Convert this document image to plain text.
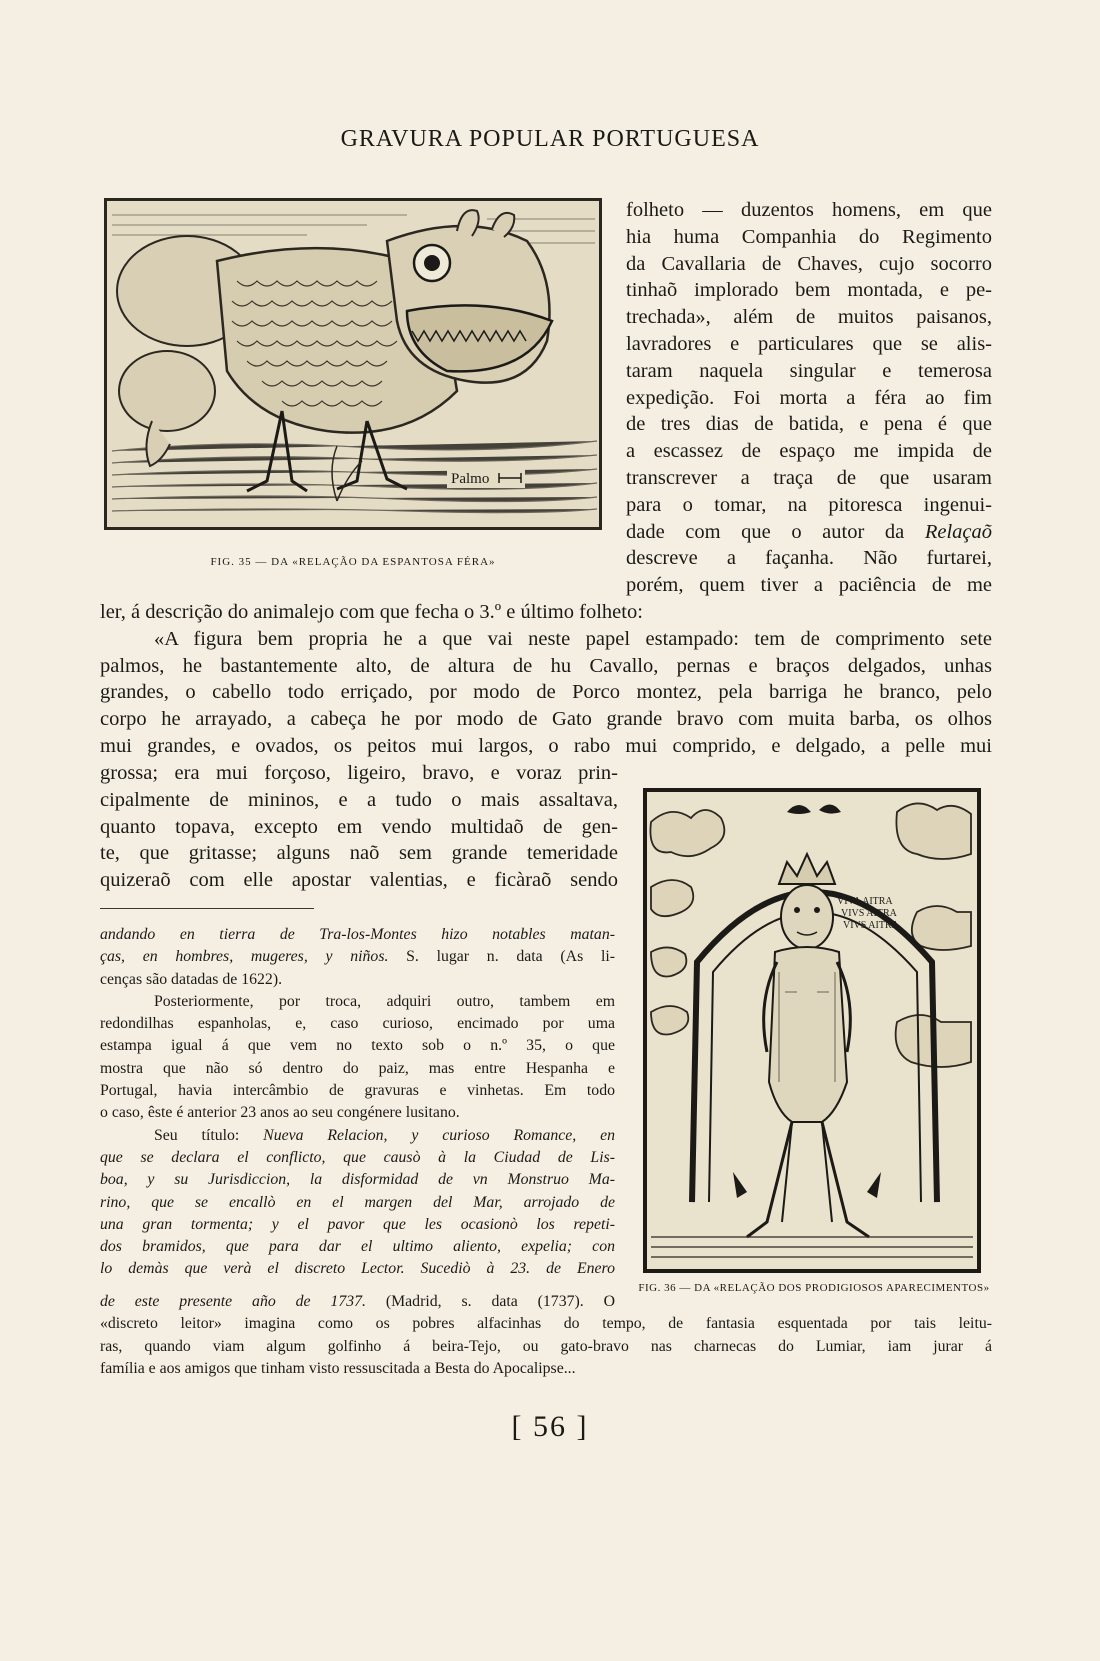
GRAVURA POPULAR PORTUGUESA
Palmo
FIG. 35 — DA «RELAÇÃO DA ESPANTOSA FÉRA»
folheto — duzentos homens, em que
hia huma Companhia do Regimento
da Cavallaria de Chaves, cujo socorro
tinhaõ implorado bem montada, e pe-
trechada», além de muitos paisanos,
lavradores e particulares que se alis-
taram naquela singular e temerosa
expedição. Foi morta a féra ao fim
de tres dias de batida, e pena é que
a escassez de espaço me impida de
transcrever a traça de que usaram
para o tomar, na pitoresca ingenui-
dade com que o autor da Relaçaõ
descreve a façanha. Não furtarei,
porém, quem tiver a paciência de me
ler, á descrição do animalejo com que fecha o 3.º e último folheto:
«A figura bem propria he a que vai neste papel estampado: tem de comprimento sete
palmos, he bastantemente alto, de altura de hu Cavallo, pernas e braços delgados, unhas
grandes, o cabello todo erriçado, por modo de Porco montez, pela barriga he branco, pelo
corpo he arrayado, a cabeça he por modo de Gato grande bravo com muita barba, os olhos
mui grandes, e ovados, os peitos mui largos, o rabo mui comprido, e delgado, a pelle mui
grossa; era mui forçoso, ligeiro, bravo, e voraz prin-
cipalmente de mininos, e a tudo o mais assaltava,
quanto topava, excepto em vendo multidaõ de gen-
te, que gritasse; alguns naõ sem grande temeridade
quizeraõ com elle apostar valentias, e ficàraõ sendo
VIVA AITRA
VIVS AITRA
VIVS AITRA
FIG. 36 — DA «RELAÇÃO DOS PRODIGIOSOS APARECIMENTOS»
andando en tierra de Tra-los-Montes hizo notables matan-
ças, en hombres, mugeres, y niños. S. lugar n. data (As li-
cenças são datadas de 1622).
Posteriormente, por troca, adquiri outro, tambem em
redondilhas espanholas, e, caso curioso, encimado por uma
estampa igual á que vem no texto sob o n.º 35, o que
mostra que não só dentro do paiz, mas entre Hespanha e
Portugal, havia intercâmbio de gravuras e vinhetas. Em todo
o caso, êste é anterior 23 anos ao seu congénere lusitano.
Seu título: Nueva Relacion, y curioso Romance, en
que se declara el conflicto, que causò à la Ciudad de Lis-
boa, y su Jurisdiccion, la disformidad de vn Monstruo Ma-
rino, que se encallò en el margen del Mar, arrojado de
una gran tormenta; y el pavor que les ocasionò los repeti-
dos bramidos, que para dar el ultimo aliento, expelia; con
lo demàs que verà el discreto Lector. Sucediò à 23. de Enero
de este presente año de 1737. (Madrid, s. data (1737). O
«discreto leitor» imagina como os pobres alfacinhas do tempo, de fantasia esquentada por tais leitu-
ras, quando viam algum golfinho á beira-Tejo, ou gato-bravo nas charnecas do Lumiar, iam jurar á
família e aos amigos que tinham visto ressuscitada a Besta do Apocalipse...
[ 56 ]
